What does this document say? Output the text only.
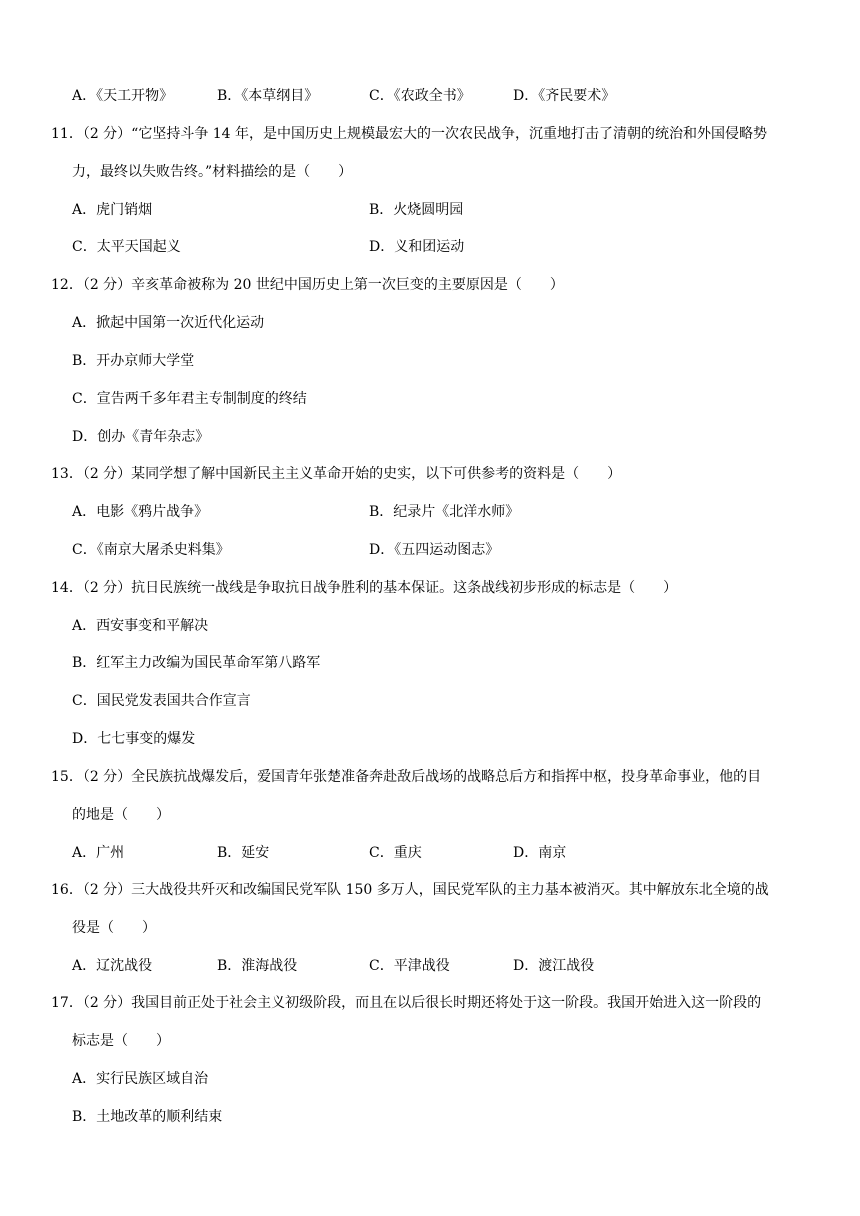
A．《天工开物》	B．《本草纲目》	C．《农政全书》	D．《齐民要术》
11．（2 分）“它坚持斗争 14 年，是中国历史上规模最宏大的一次农民战争，沉重地打击了清朝的统治和外国侵略势
力，最终以失败告终。”材料描绘的是（　　）
A．虎门销烟	B．火烧圆明园
C．太平天国起义	D．义和团运动
12．（2 分）辛亥革命被称为 20 世纪中国历史上第一次巨变的主要原因是（　　）
A．掀起中国第一次近代化运动
B．开办京师大学堂
C．宣告两千多年君主专制制度的终结
D．创办《青年杂志》
13．（2 分）某同学想了解中国新民主主义革命开始的史实，以下可供参考的资料是（　　）
A．电影《鸦片战争》	B．纪录片《北洋水师》
C．《南京大屠杀史料集》	D．《五四运动图志》
14．（2 分）抗日民族统一战线是争取抗日战争胜利的基本保证。这条战线初步形成的标志是（　　）
A．西安事变和平解决
B．红军主力改编为国民革命军第八路军
C．国民党发表国共合作宣言
D．七七事变的爆发
15．（2 分）全民族抗战爆发后，爱国青年张楚准备奔赴敌后战场的战略总后方和指挥中枢，投身革命事业，他的目
的地是（　　）
A．广州	B．延安	C．重庆	D．南京
16．（2 分）三大战役共歼灭和改编国民党军队 150 多万人，国民党军队的主力基本被消灭。其中解放东北全境的战
役是（　　）
A．辽沈战役	B．淮海战役	C．平津战役	D．渡江战役
17．（2 分）我国目前正处于社会主义初级阶段，而且在以后很长时期还将处于这一阶段。我国开始进入这一阶段的
标志是（　　）
A．实行民族区域自治
B．土地改革的顺利结束
